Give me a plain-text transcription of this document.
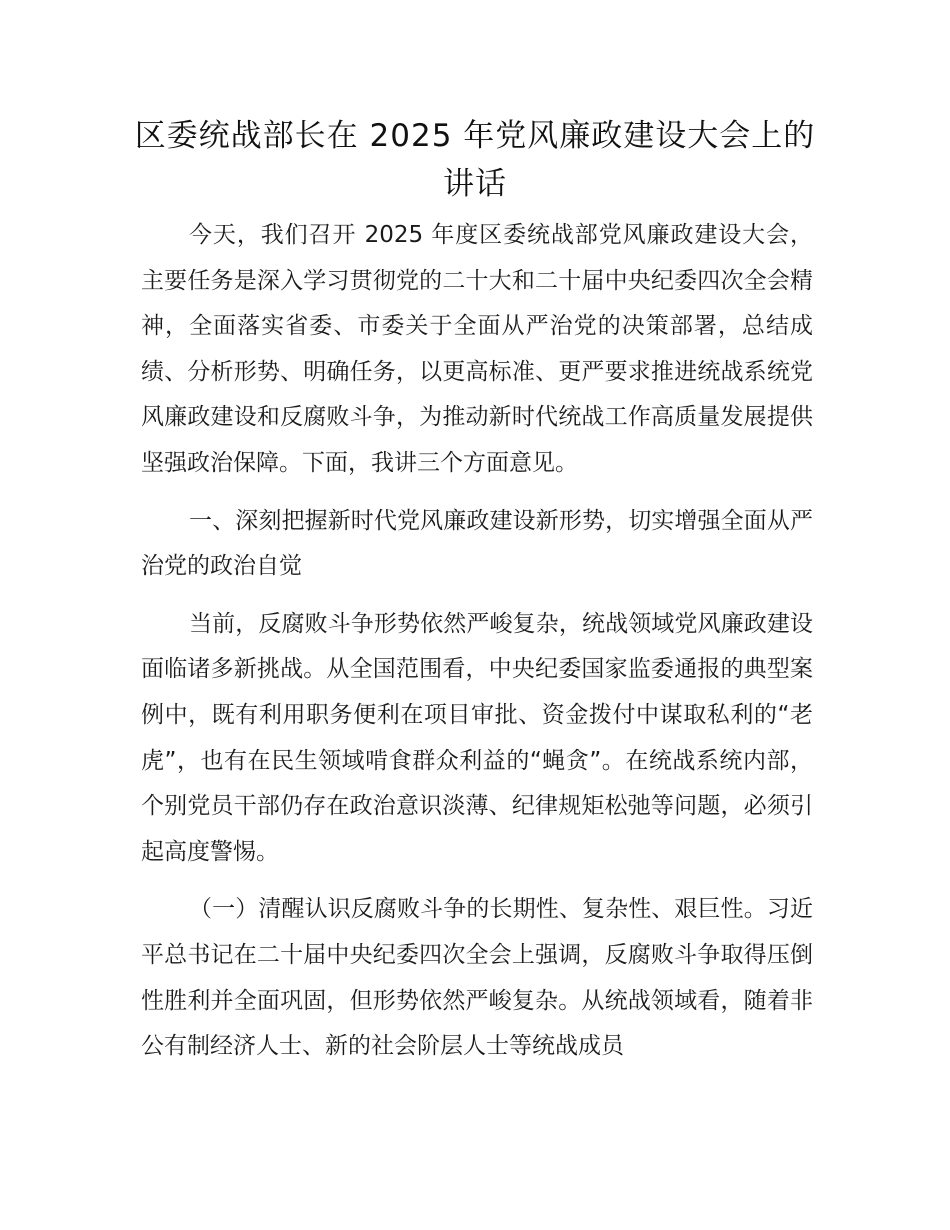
区委统战部长在 2025 年党风廉政建设大会上的讲话

今天，我们召开 2025 年度区委统战部党风廉政建设大会，主要任务是深入学习贯彻党的二十大和二十届中央纪委四次全会精神，全面落实省委、市委关于全面从严治党的决策部署，总结成绩、分析形势、明确任务，以更高标准、更严要求推进统战系统党风廉政建设和反腐败斗争，为推动新时代统战工作高质量发展提供坚强政治保障。下面，我讲三个方面意见。

一、深刻把握新时代党风廉政建设新形势，切实增强全面从严治党的政治自觉

当前，反腐败斗争形势依然严峻复杂，统战领域党风廉政建设面临诸多新挑战。从全国范围看，中央纪委国家监委通报的典型案例中，既有利用职务便利在项目审批、资金拨付中谋取私利的“老虎”，也有在民生领域啃食群众利益的“蝇贪”。在统战系统内部，个别党员干部仍存在政治意识淡薄、纪律规矩松弛等问题，必须引起高度警惕。

（一）清醒认识反腐败斗争的长期性、复杂性、艰巨性。习近平总书记在二十届中央纪委四次全会上强调，反腐败斗争取得压倒性胜利并全面巩固，但形势依然严峻复杂。从统战领域看，随着非公有制经济人士、新的社会阶层人士等统战成员
